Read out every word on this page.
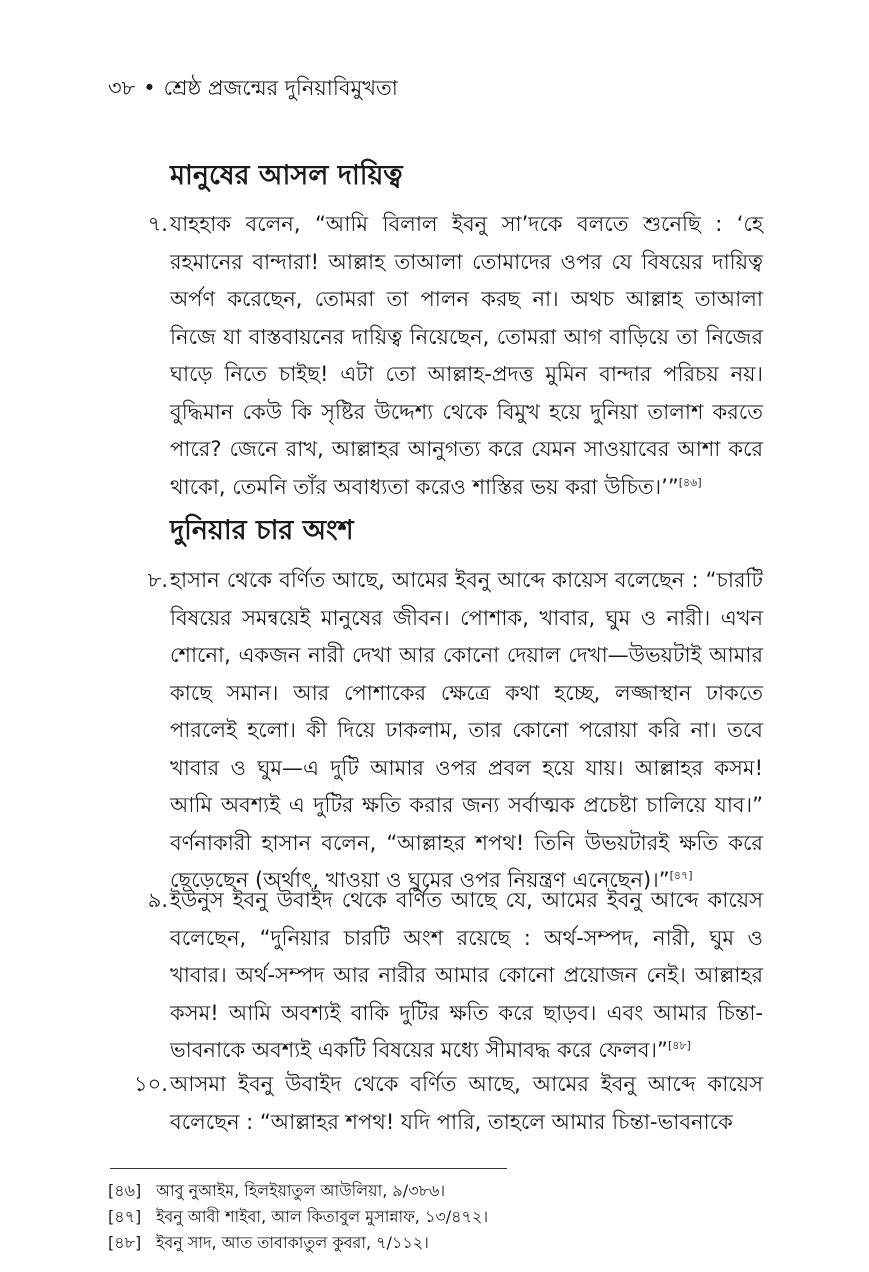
৩৮ • শ্রেষ্ঠ প্রজন্মের দুনিয়াবিমুখতা
মানুষের আসল দায়িত্ব
৭. যাহহাক বলেন, “আমি বিলাল ইবনু সা’দকে বলতে শুনেছি : ‘হে রহমানের বান্দারা! আল্লাহ তাআলা তোমাদের ওপর যে বিষয়ের দায়িত্ব অর্পণ করেছেন, তোমরা তা পালন করছ না। অথচ আল্লাহ তাআলা নিজে যা বাস্তবায়নের দায়িত্ব নিয়েছেন, তোমরা আগ বাড়িয়ে তা নিজের ঘাড়ে নিতে চাইছ! এটা তো আল্লাহ-প্রদত্ত মুমিন বান্দার পরিচয় নয়। বুদ্ধিমান কেউ কি সৃষ্টির উদ্দেশ্য থেকে বিমুখ হয়ে দুনিয়া তালাশ করতে পারে? জেনে রাখ, আল্লাহর আনুগত্য করে যেমন সাওয়াবের আশা করে থাকো, তেমনি তাঁর অবাধ্যতা করেও শাস্তির ভয় করা উচিত।’”[৪৬]
দুনিয়ার চার অংশ
৮. হাসান থেকে বর্ণিত আছে, আমের ইবনু আব্দে কায়েস বলেছেন : “চারটি বিষয়ের সমন্বয়েই মানুষের জীবন। পোশাক, খাবার, ঘুম ও নারী। এখন শোনো, একজন নারী দেখা আর কোনো দেয়াল দেখা—উভয়টাই আমার কাছে সমান। আর পোশাকের ক্ষেত্রে কথা হচ্ছে, লজ্জাস্থান ঢাকতে পারলেই হলো। কী দিয়ে ঢাকলাম, তার কোনো পরোয়া করি না। তবে খাবার ও ঘুম—এ দুটি আমার ওপর প্রবল হয়ে যায়। আল্লাহর কসম! আমি অবশ্যই এ দুটির ক্ষতি করার জন্য সর্বাত্মক প্রচেষ্টা চালিয়ে যাব।” বর্ণনাকারী হাসান বলেন, “আল্লাহর শপথ! তিনি উভয়টারই ক্ষতি করে ছেড়েছেন (অর্থাৎ, খাওয়া ও ঘুমের ওপর নিয়ন্ত্রণ এনেছেন)।”[৪৭]
৯. ইউনুস ইবনু উবাইদ থেকে বর্ণিত আছে যে, আমের ইবনু আব্দে কায়েস বলেছেন, “দুনিয়ার চারটি অংশ রয়েছে : অর্থ-সম্পদ, নারী, ঘুম ও খাবার। অর্থ-সম্পদ আর নারীর আমার কোনো প্রয়োজন নেই। আল্লাহর কসম! আমি অবশ্যই বাকি দুটির ক্ষতি করে ছাড়ব। এবং আমার চিন্তা-ভাবনাকে অবশ্যই একটি বিষয়ের মধ্যে সীমাবদ্ধ করে ফেলব।”[৪৮]
১০. আসমা ইবনু উবাইদ থেকে বর্ণিত আছে, আমের ইবনু আব্দে কায়েস বলেছেন : “আল্লাহর শপথ! যদি পারি, তাহলে আমার চিন্তা-ভাবনাকে
[৪৬] আবু নুআইম, হিলইয়াতুল আউলিয়া, ৯/৩৮৬।
[৪৭] ইবনু আবী শাইবা, আল কিতাবুল মুসান্নাফ, ১৩/৪৭২।
[৪৮] ইবনু সাদ, আত তাবাকাতুল কুবরা, ৭/১১২।
